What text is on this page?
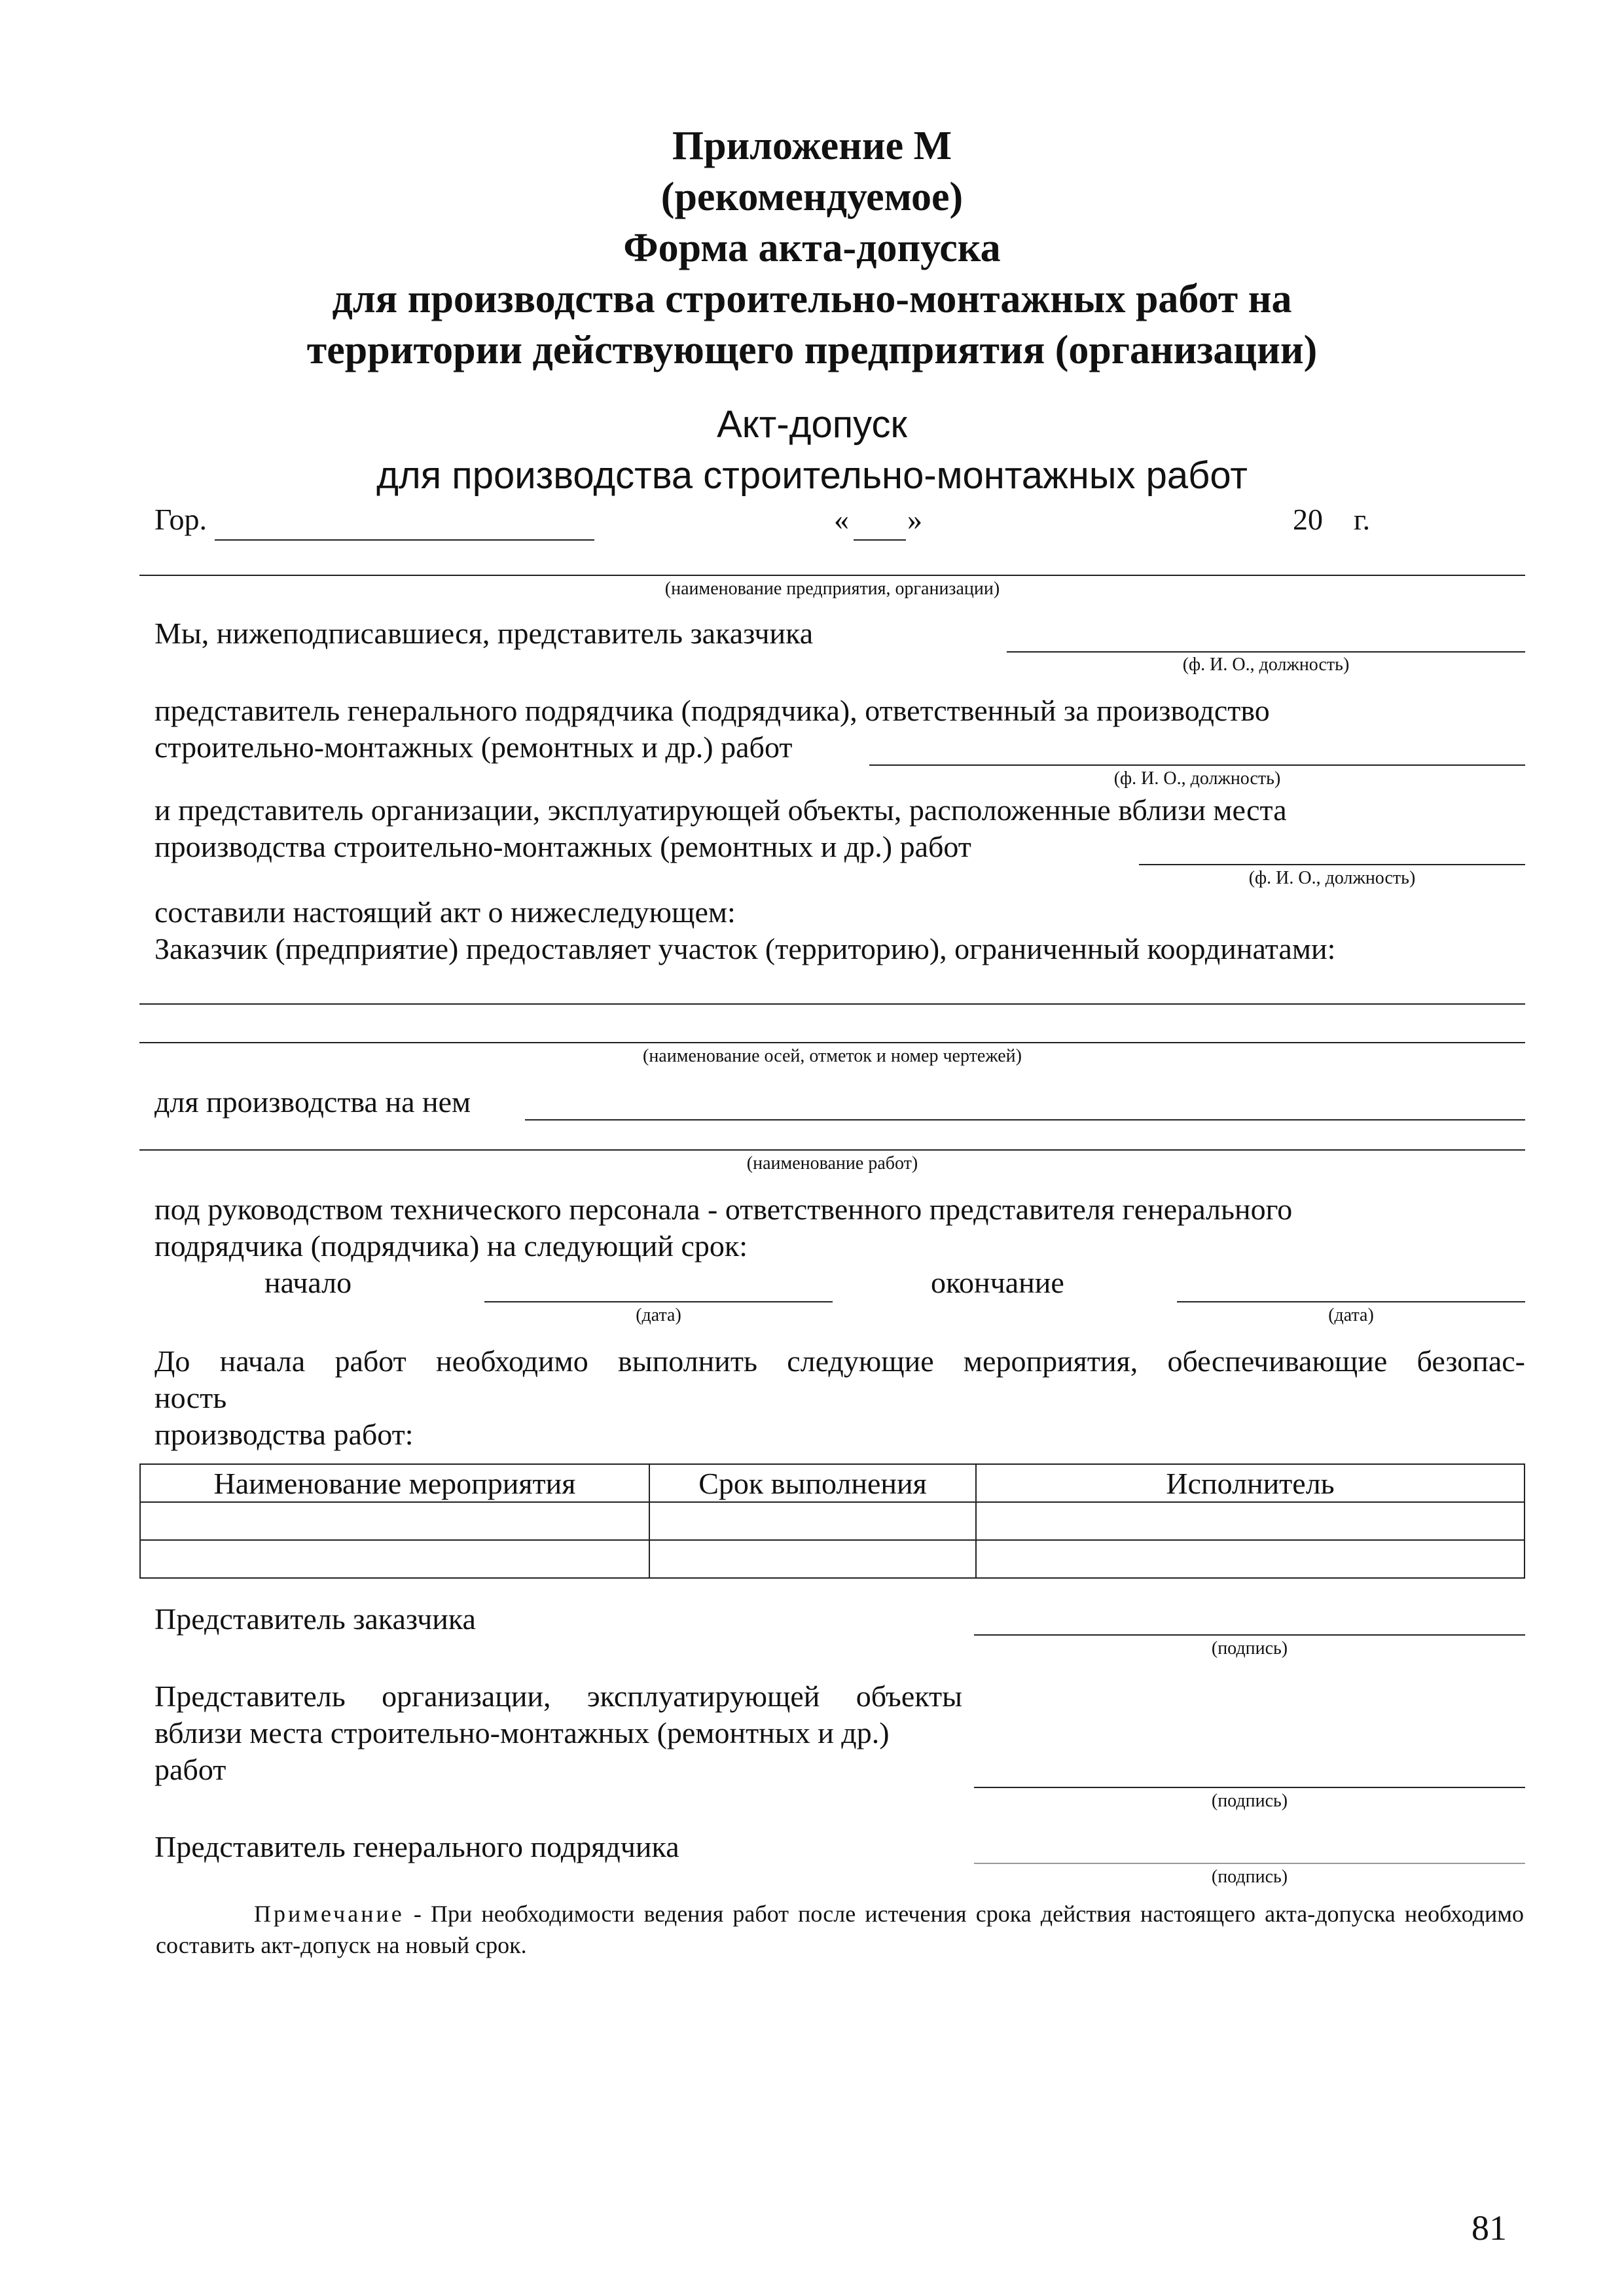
Приложение М
(рекомендуемое)
Форма акта-допуска
для производства строительно-монтажных работ на
территории действующего предприятия (организации)
Акт-допуск
для производства строительно-монтажных работ
Гор.	« »	20 г.
(наименование предприятия, организации)
Мы, нижеподписавшиеся, представитель заказчика
(ф. И. О., должность)
представитель генерального подрядчика (подрядчика), ответственный за производство
строительно-монтажных (ремонтных и др.) работ
(ф. И. О., должность)
и представитель организации, эксплуатирующей объекты, расположенные вблизи места
производства строительно-монтажных (ремонтных и др.) работ
(ф. И. О., должность)
составили настоящий акт о нижеследующем:
Заказчик (предприятие) предоставляет участок (территорию), ограниченный координатами:
(наименование осей, отметок и номер чертежей)
для производства на нем
(наименование работ)
под руководством технического персонала - ответственного представителя генерального
подрядчика (подрядчика) на следующий срок:
начало
(дата)
окончание
(дата)
До начала работ необходимо выполнить следующие мероприятия, обеспечивающие безопас-
ность
производства работ:
Наименование мероприятия	Срок выполнения	Исполнитель

Представитель заказчика
(подпись)
Представитель организации, эксплуатирующей объекты
вблизи места строительно-монтажных (ремонтных и др.)
работ
(подпись)
Представитель генерального подрядчика
(подпись)
Примечание - При необходимости ведения работ после истечения срока действия настоящего акта-допуска необходимо составить акт-допуск на новый срок.
81
